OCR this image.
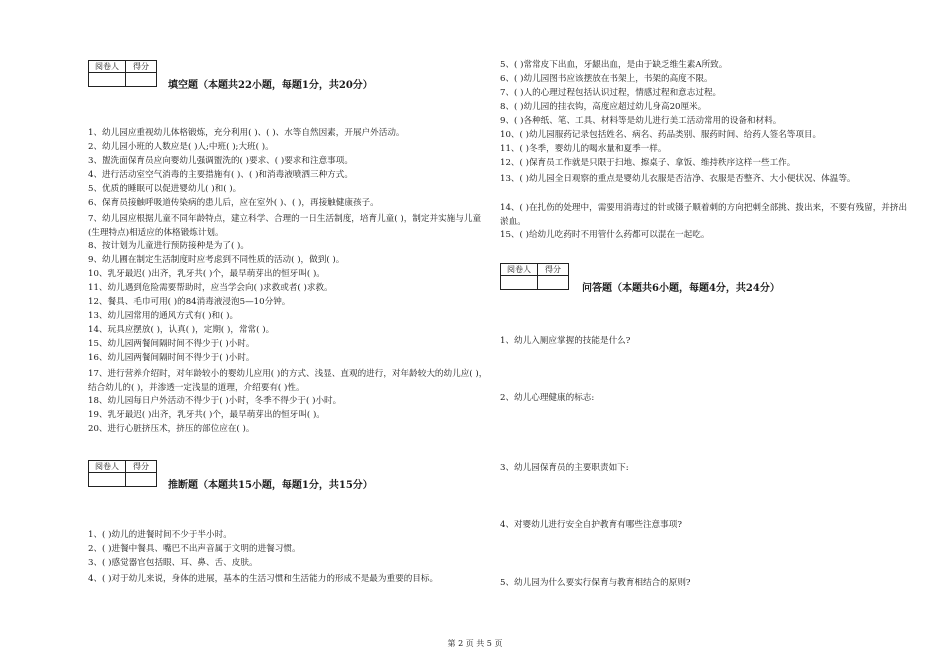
阅卷人	得分

填空题（本题共22小题，每题1分，共20分）
1、幼儿园应重视幼儿体格锻炼，充分利用( )、( )、水等自然因素，开展户外活动。
2、幼儿园小班的人数应是( )人;中班( );大班( )。
3、盥洗面保育员应向婴幼儿强调盥洗的( )要求、( )要求和注意事项。
4、进行活动室空气消毒的主要措施有( )、( )和消毒液喷洒三种方式。
5、优质的睡眠可以促进婴幼儿( )和( )。
6、保育员接触呼吸道传染病的患儿后，应在室外( )、( )，再接触健康孩子。
7、幼儿园应根据儿童不同年龄特点，建立科学、合理的一日生活制度，培育儿童( )，制定并实施与儿童(生理特点)相适应的体格锻炼计划。
8、按计划为儿童进行预防接种是为了( )。
9、幼儿圃在制定生活制度时应考虑到不同性质的活动( )，做到( )。
10、乳牙最迟( )出齐，乳牙共( )个，最早萌芽出的恒牙叫( )。
11、幼儿遇到危险需要帮助时，应当学会向( )求救或者( )求救。
12、餐具、毛巾可用( )的84消毒液浸泡5—10分钟。
13、幼儿园常用的通风方式有( )和( )。
14、玩具应摆放( )，认真( )，定期( )，常常( )。
15、幼儿园两餐间隔时间不得少于( )小时。
16、幼儿园两餐间隔时间不得少于( )小时。
17、进行营养介绍时，对年龄较小的婴幼儿应用( )的方式、浅显、直观的进行，对年龄较大的幼儿应( )，结合幼儿的( )，并渗透一定浅显的道理，介绍要有( )性。
18、幼儿园每日户外活动不得少于( )小时，冬季不得少于( )小时。
19、乳牙最迟( )出齐，乳牙共( )个，最早萌芽出的恒牙叫( )。
20、进行心脏挤压术，挤压的部位应在( )。
阅卷人	得分

推断题（本题共15小题，每题1分，共15分）
1、( )幼儿的进餐时间不少于半小时。
2、( )进餐中餐具、嘴巴不出声音属于文明的进餐习惯。
3、( )感觉器官包括眼、耳、鼻、舌、皮肤。
4、( )对于幼儿来说，身体的进展，基本的生活习惯和生活能力的形成不是最为重要的目标。
5、( )常常皮下出血，牙龈出血，是由于缺乏维生素A所致。
6、( )幼儿园图书应该摆放在书架上，书架的高度不限。
7、( )人的心理过程包括认识过程，情感过程和意志过程。
8、( )幼儿园的挂衣钩，高度应超过幼儿身高20厘米。
9、( )各种纸、笔、工具、材料等是幼儿进行美工活动常用的设备和材料。
10、( )幼儿园服药记录包括姓名、病名、药品类别、服药时间、给药人签名等项目。
11、( )冬季，婴幼儿的喝水量和夏季一样。
12、( )保育员工作就是只限于扫地、擦桌子、拿饭、维持秩序这样一些工作。
13、( )幼儿园全日观察的重点是婴幼儿衣服是否洁净、衣服是否整齐、大小便状况、体温等。
14、( )在扎伤的处理中，需要用消毒过的针或镊子顺着刺的方向把刺全部挑、拨出来，不要有残留，并挤出淤血。
15、( )给幼儿吃药时不用管什么药都可以混在一起吃。
阅卷人	得分

问答题（本题共6小题，每题4分，共24分）
1、幼儿入厕应掌握的技能是什么?
2、幼儿心理健康的标志:
3、幼儿园保育员的主要职责如下:
4、对婴幼儿进行安全自护教育有哪些注意事项?
5、幼儿园为什么要实行保育与教育相结合的原则?
第 2 页 共 5 页
